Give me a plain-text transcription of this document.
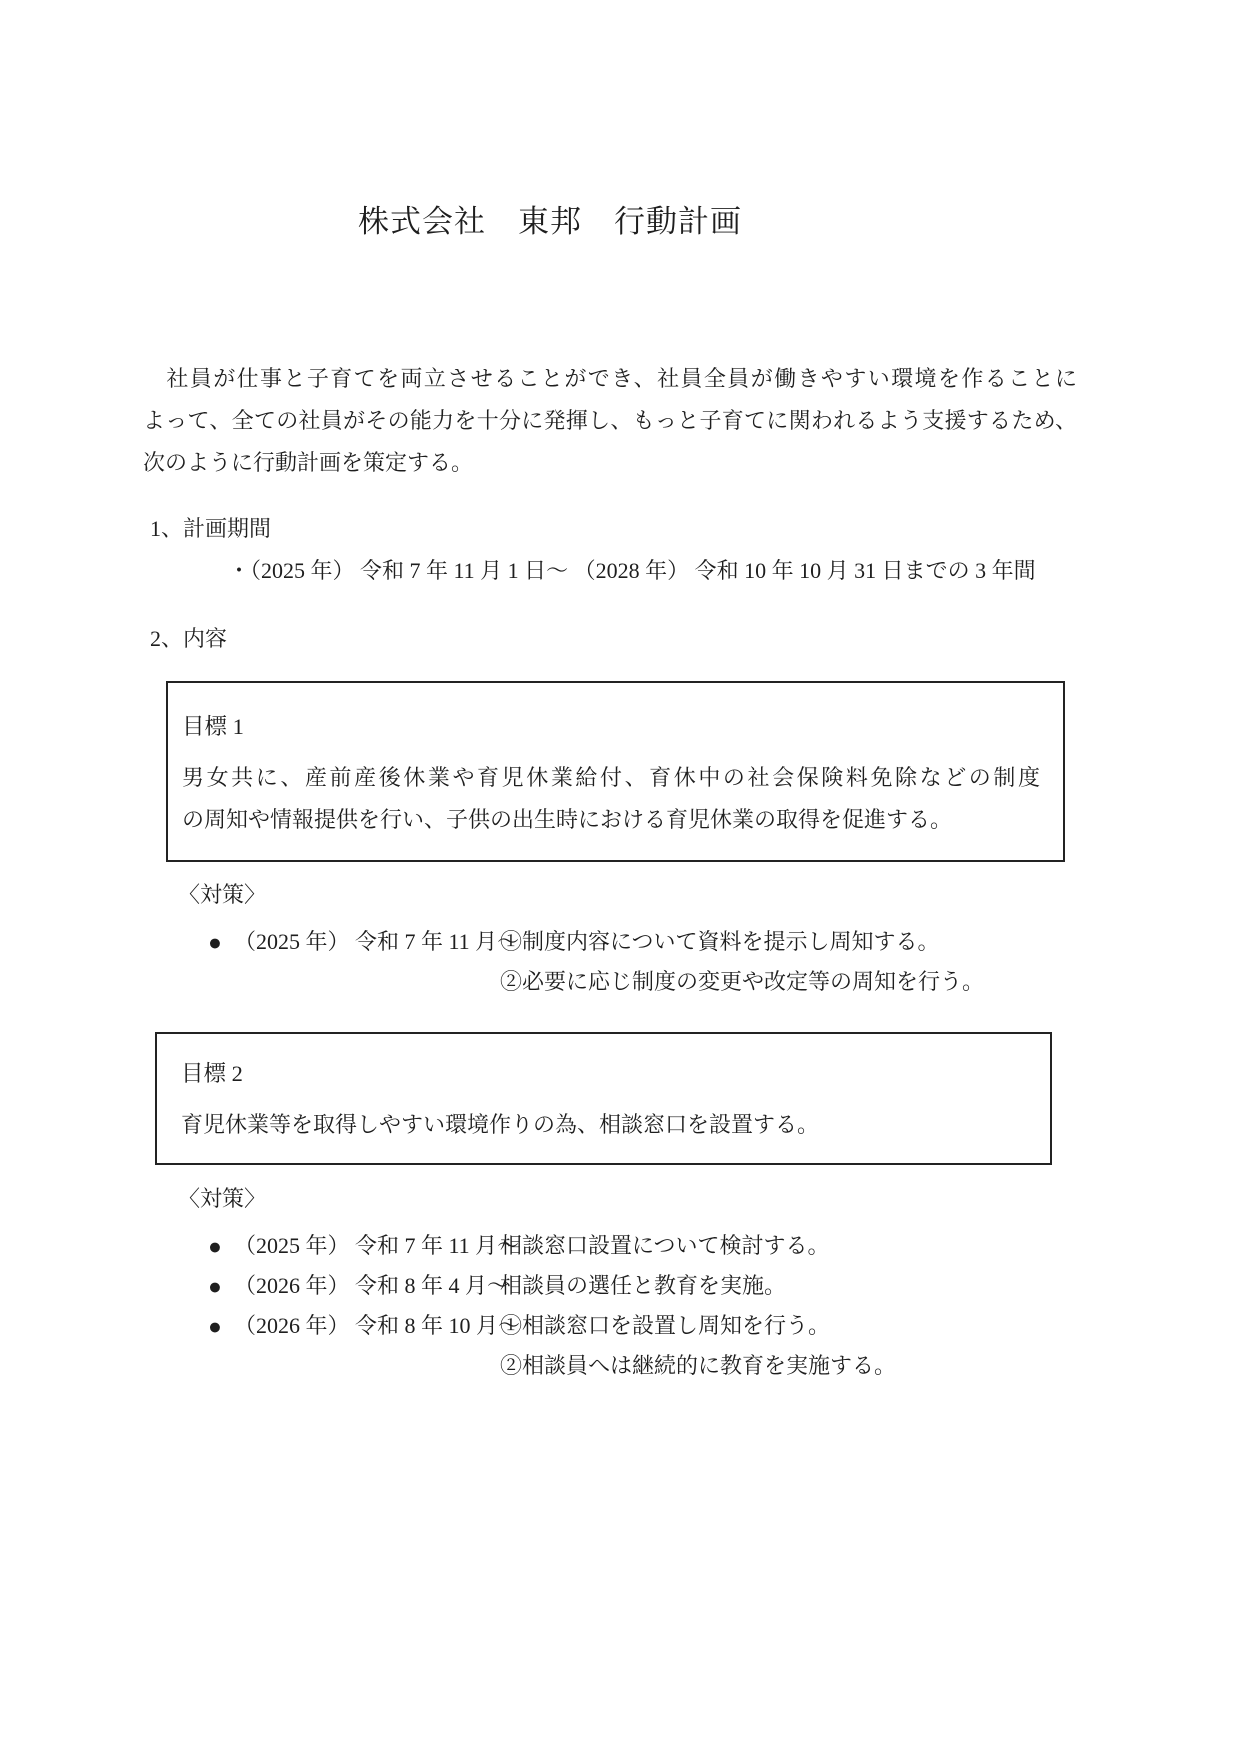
株式会社　東邦　行動計画
　社員が仕事と子育てを両立させることができ、社員全員が働きやすい環境を作ることに
よって、全ての社員がその能力を十分に発揮し、もっと子育てに関われるよう支援するため、
次のように行動計画を策定する。
1、計画期間
・（2025 年） 令和 7 年 11 月 1 日～ （2028 年） 令和 10 年 10 月 31 日までの 3 年間
2、内容
目標 1
男女共に、産前産後休業や育児休業給付、育休中の社会保険料免除などの制度
の周知や情報提供を行い、子供の出生時における育児休業の取得を促進する。
〈対策〉
● （2025 年） 令和 7 年 11 月～
①制度内容について資料を提示し周知する。
②必要に応じ制度の変更や改定等の周知を行う。
目標 2
育児休業等を取得しやすい環境作りの為、相談窓口を設置する。
〈対策〉
● （2025 年） 令和 7 年 11 月～
相談窓口設置について検討する。
● （2026 年） 令和 8 年 4 月～
相談員の選任と教育を実施。
● （2026 年） 令和 8 年 10 月～
①相談窓口を設置し周知を行う。
②相談員へは継続的に教育を実施する。
